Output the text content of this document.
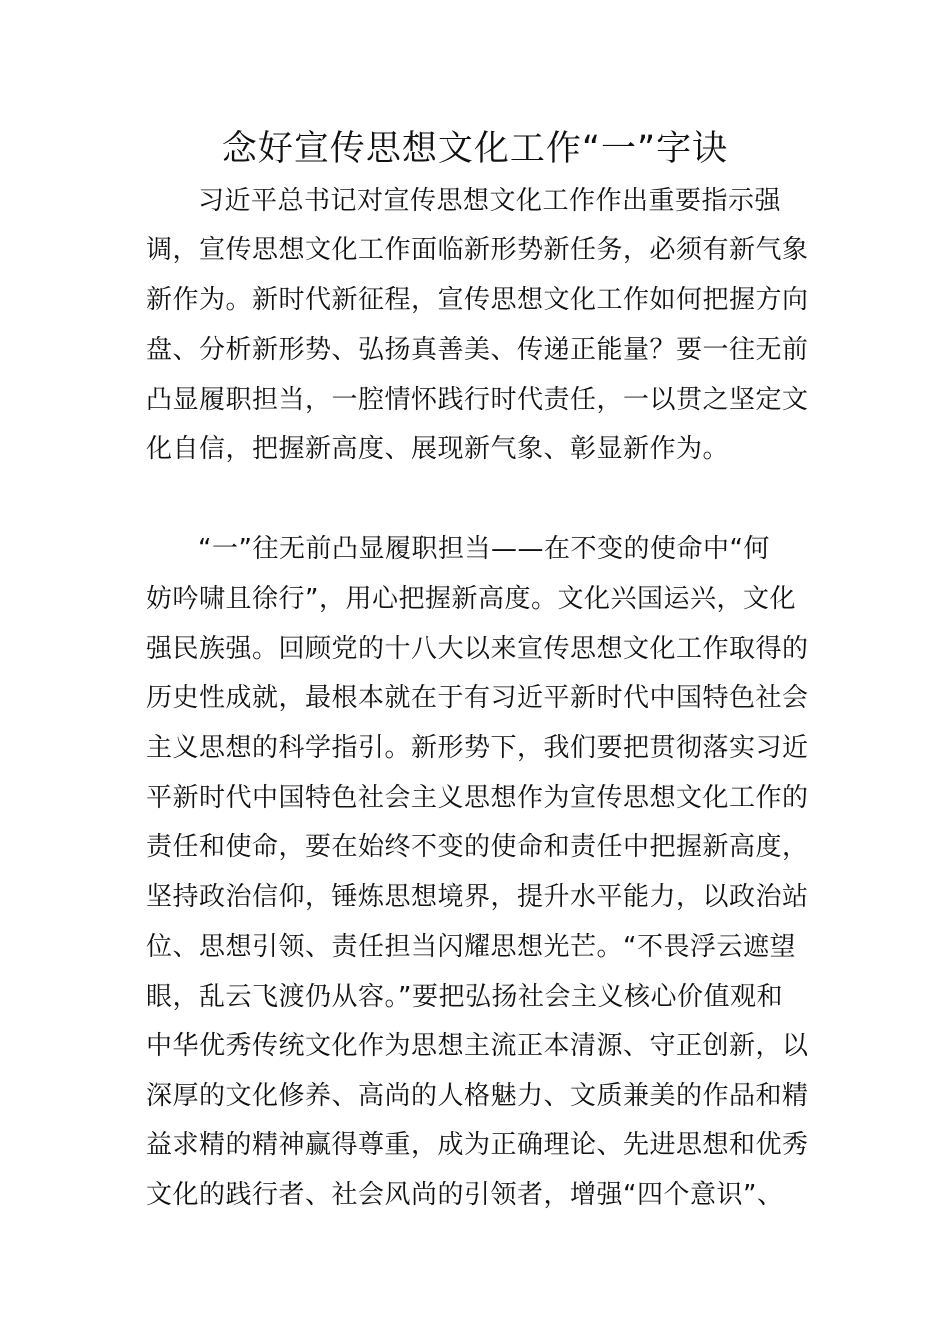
念好宣传思想文化工作“一”字诀
习近平总书记对宣传思想文化工作作出重要指示强
调，宣传思想文化工作面临新形势新任务，必须有新气象
新作为。新时代新征程，宣传思想文化工作如何把握方向
盘、分析新形势、弘扬真善美、传递正能量？要一往无前
凸显履职担当，一腔情怀践行时代责任，一以贯之坚定文
化自信，把握新高度、展现新气象、彰显新作为。
“一”往无前凸显履职担当——在不变的使命中“何
妨吟啸且徐行”，用心把握新高度。文化兴国运兴，文化
强民族强。回顾党的十八大以来宣传思想文化工作取得的
历史性成就，最根本就在于有习近平新时代中国特色社会
主义思想的科学指引。新形势下，我们要把贯彻落实习近
平新时代中国特色社会主义思想作为宣传思想文化工作的
责任和使命，要在始终不变的使命和责任中把握新高度，
坚持政治信仰，锤炼思想境界，提升水平能力，以政治站
位、思想引领、责任担当闪耀思想光芒。“不畏浮云遮望
眼，乱云飞渡仍从容。”要把弘扬社会主义核心价值观和
中华优秀传统文化作为思想主流正本清源、守正创新，以
深厚的文化修养、高尚的人格魅力、文质兼美的作品和精
益求精的精神赢得尊重，成为正确理论、先进思想和优秀
文化的践行者、社会风尚的引领者，增强“四个意识”、
